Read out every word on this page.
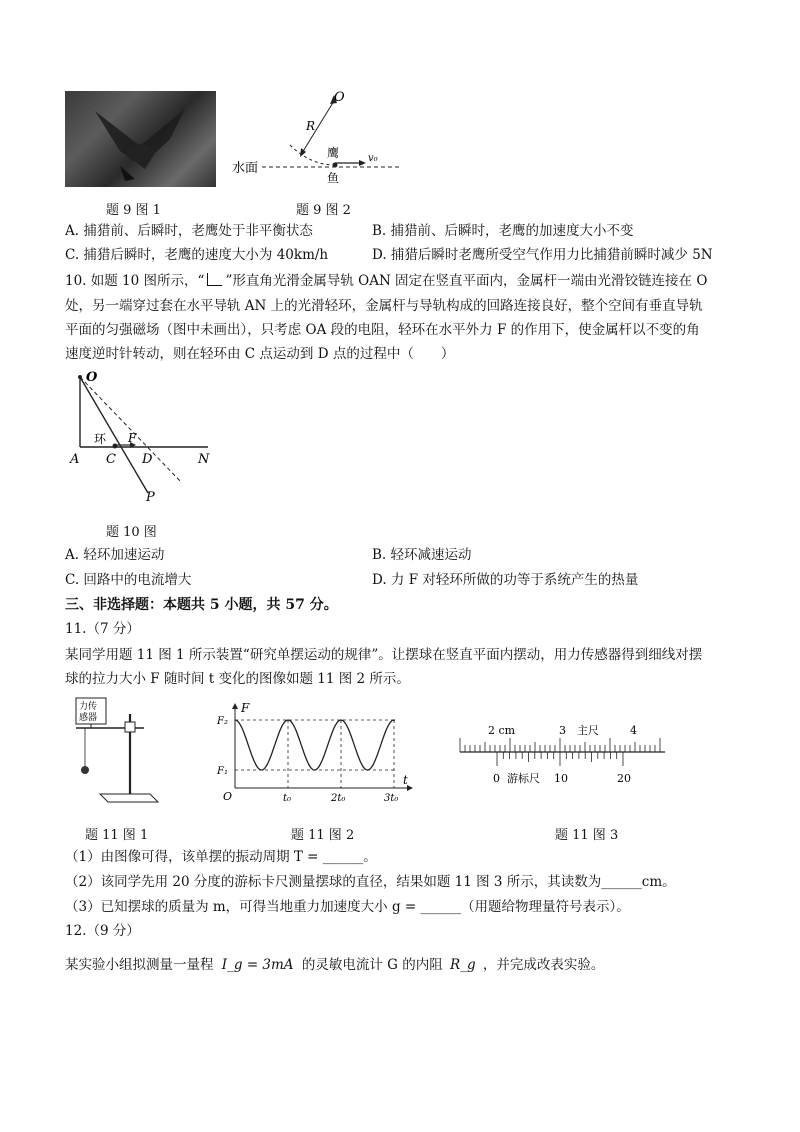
题 9 图 1
O
R
鹰
鱼
v₀
水面
题 9 图 2
A. 捕猎前、后瞬时，老鹰处于非平衡状态	B. 捕猎前、后瞬时，老鹰的加速度大小不变
C. 捕猎后瞬时，老鹰的速度大小为 40km/h	D. 捕猎后瞬时老鹰所受空气作用力比捕猎前瞬时减少 5N
10. 如题 10 图所示，“ ”形直角光滑金属导轨 OAN 固定在竖直平面内，金属杆一端由光滑铰链连接在 O
处，另一端穿过套在水平导轨 AN 上的光滑轻环，金属杆与导轨构成的回路连接良好，整个空间有垂直导轨
平面的匀强磁场（图中未画出），只考虑 OA 段的电阻，轻环在水平外力 F 的作用下，使金属杆以不变的角
速度逆时针转动，则在轻环由 C 点运动到 D 点的过程中（　　）
O
A C D	N
P
F
环
题 10 图
A. 轻环加速运动	B. 轻环减速运动
C. 回路中的电流增大	D. 力 F 对轻环所做的功等于系统产生的热量
三、非选择题：本题共 5 小题，共 57 分。
11.（7 分）
某同学用题 11 图 1 所示装置“研究单摆运动的规律”。让摆球在竖直平面内摆动，用力传感器得到细线对摆
球的拉力大小 F 随时间 t 变化的图像如题 11 图 2 所示。
力传
感器
题 11 图 1
F
t
O
F₂
F₁
t₀	2t₀	3t₀
题 11 图 2
2 cm	3 主尺	4
0 游标尺 10	20
题 11 图 3
（1）由图像可得，该单摆的振动周期 T = ______。
（2）该同学先用 20 分度的游标卡尺测量摆球的直径，结果如题 11 图 3 所示，其读数为______cm。
（3）已知摆球的质量为 m，可得当地重力加速度大小 g = ______（用题给物理量符号表示）。
12.（9 分）
某实验小组拟测量一量程 I_g = 3mA 的灵敏电流计 G 的内阻 R_g ，并完成改表实验。
